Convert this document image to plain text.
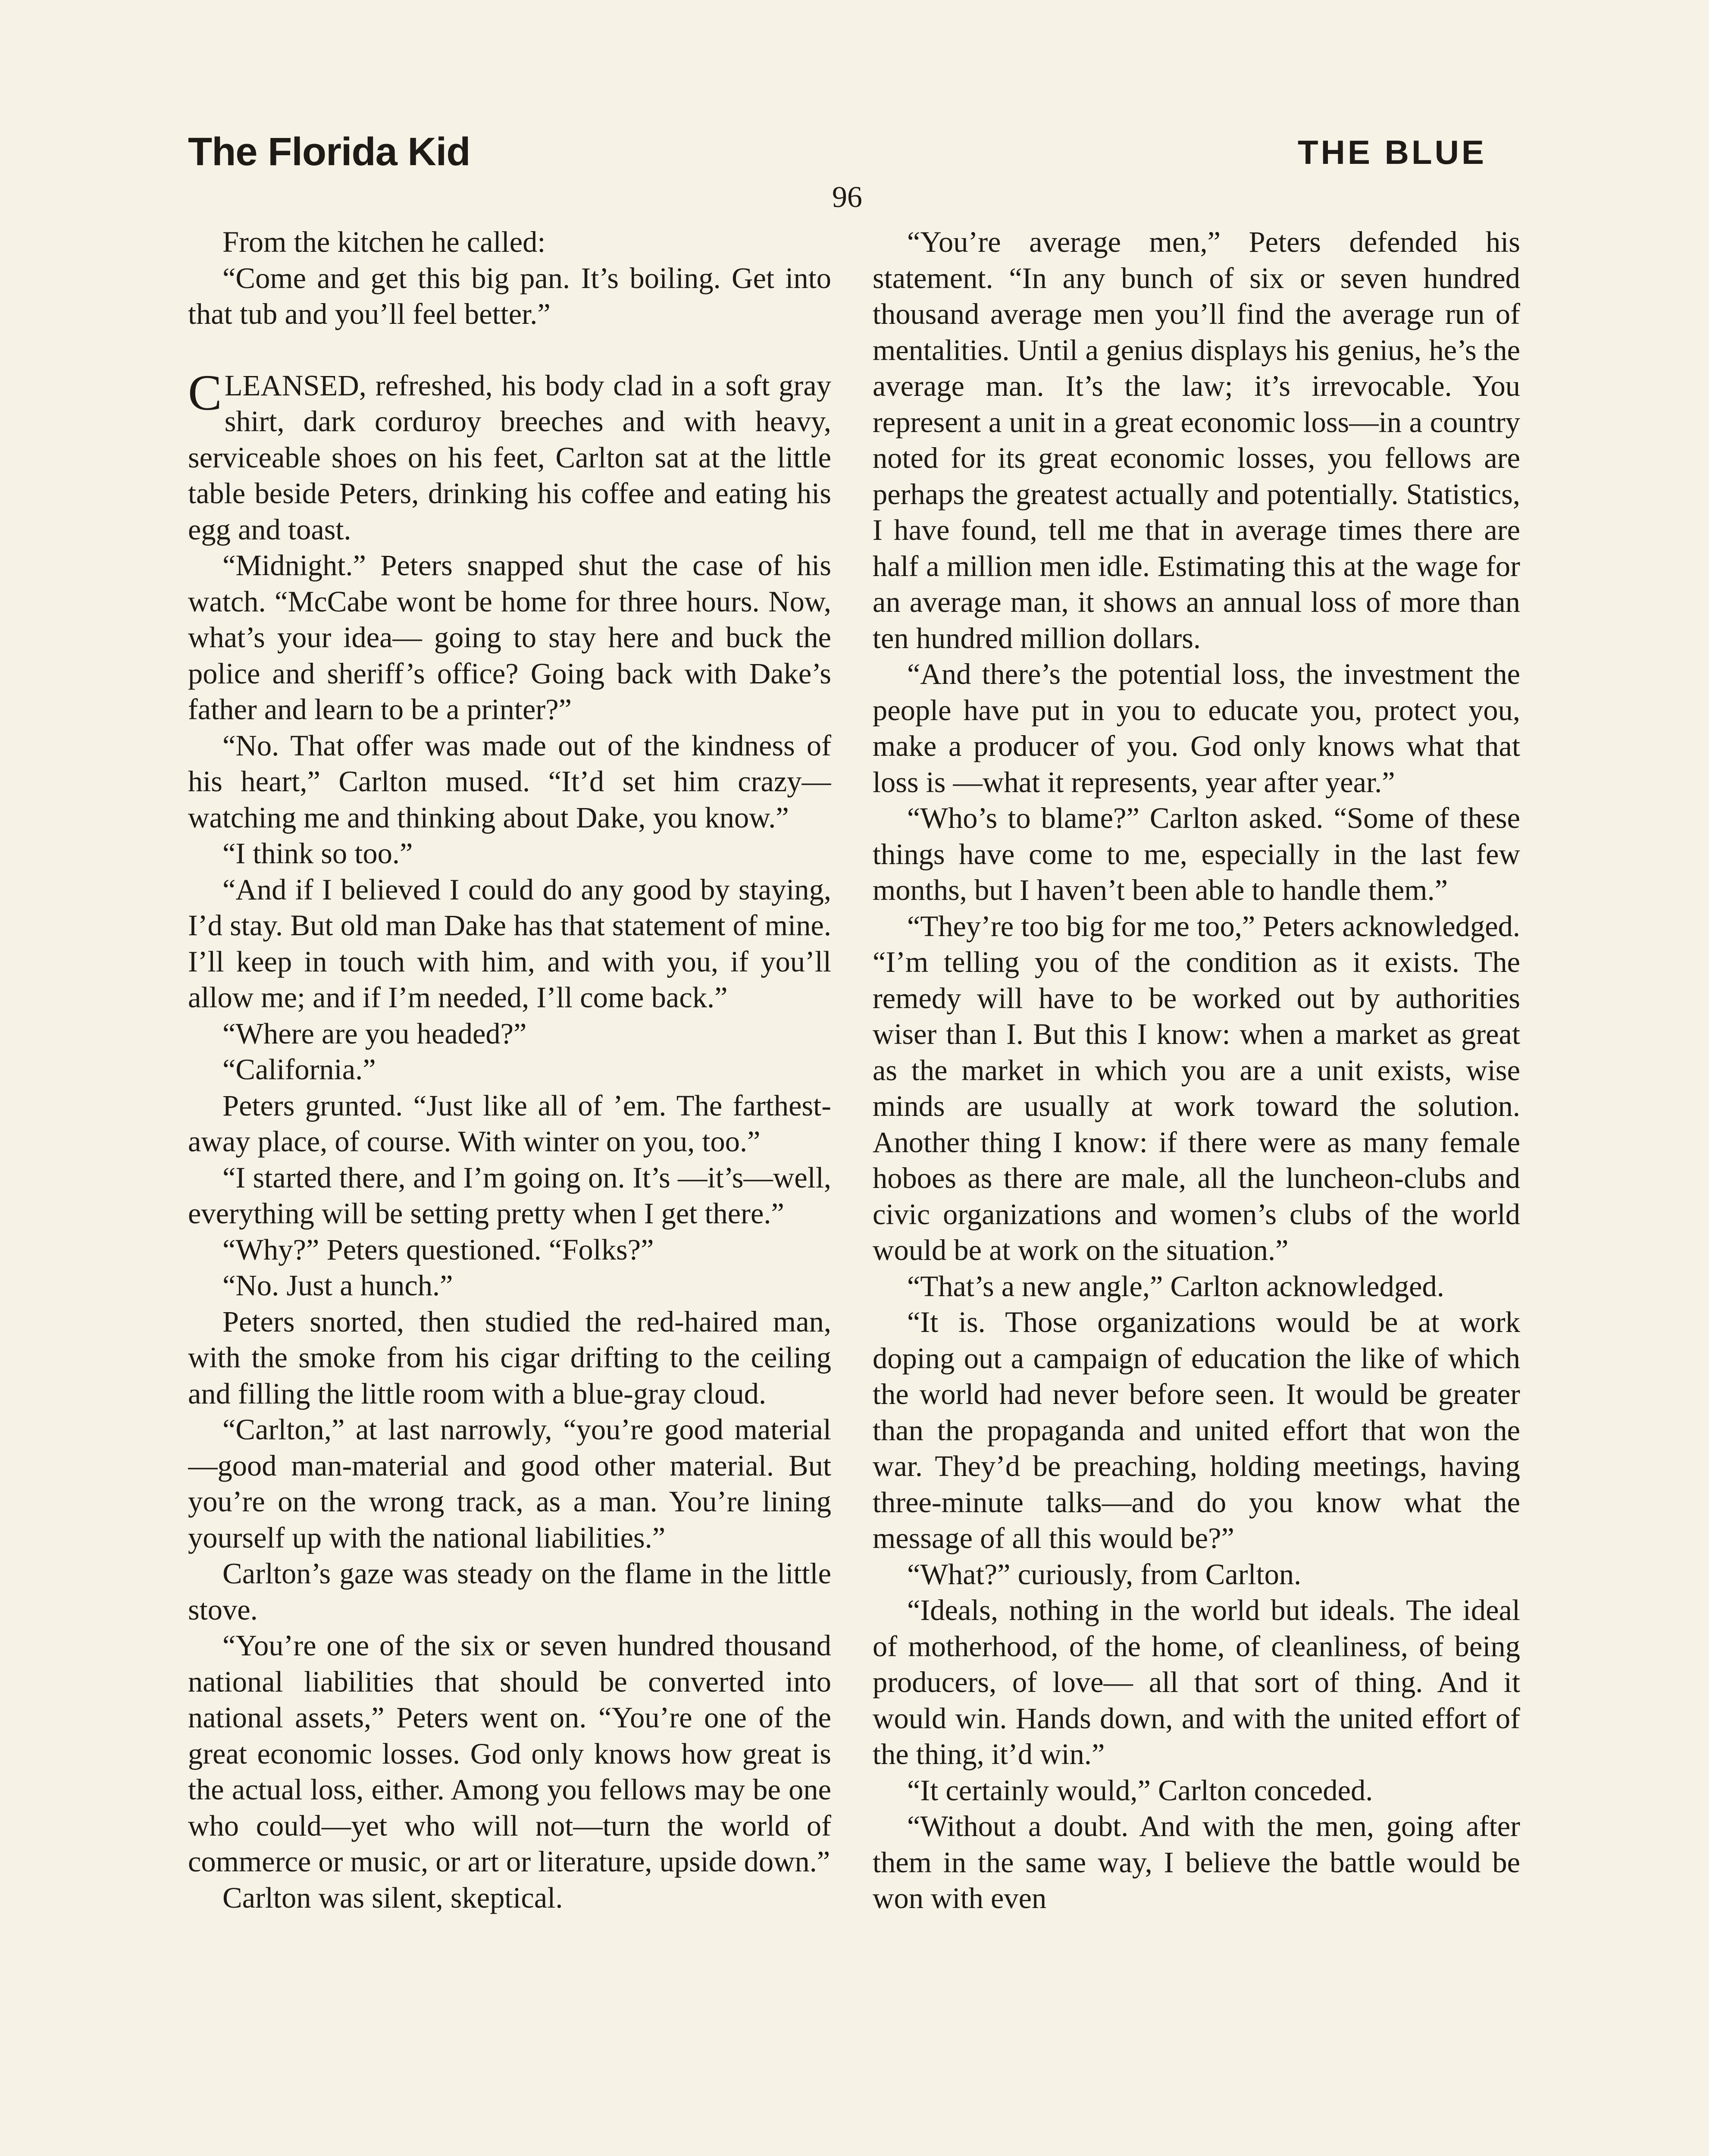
The Florida Kid	THE BLUE
96

From the kitchen he called:

“Come and get this big pan. It’s boiling. Get into that tub and you’ll feel better.”

CLEANSED, refreshed, his body clad in a soft gray shirt, dark corduroy breeches and with heavy, serviceable shoes on his feet, Carlton sat at the little table beside Peters, drinking his coffee and eating his egg and toast.

“Midnight.” Peters snapped shut the case of his watch. “McCabe wont be home for three hours. Now, what’s your idea— going to stay here and buck the police and sheriff’s office? Going back with Dake’s father and learn to be a printer?”

“No. That offer was made out of the kindness of his heart,” Carlton mused. “It’d set him crazy—watching me and thinking about Dake, you know.”

“I think so too.”

“And if I believed I could do any good by staying, I’d stay. But old man Dake has that statement of mine. I’ll keep in touch with him, and with you, if you’ll allow me; and if I’m needed, I’ll come back.”

“Where are you headed?”

“California.”

Peters grunted. “Just like all of ’em. The farthest-away place, of course. With winter on you, too.”

“I started there, and I’m going on. It’s —it’s—well, everything will be setting pretty when I get there.”

“Why?” Peters questioned. “Folks?”

“No. Just a hunch.”

Peters snorted, then studied the red-haired man, with the smoke from his cigar drifting to the ceiling and filling the little room with a blue-gray cloud.

“Carlton,” at last narrowly, “you’re good material—good man-material and good other material. But you’re on the wrong track, as a man. You’re lining yourself up with the national liabilities.”

Carlton’s gaze was steady on the flame in the little stove.

“You’re one of the six or seven hundred thousand national liabilities that should be converted into national assets,” Peters went on. “You’re one of the great economic losses. God only knows how great is the actual loss, either. Among you fellows may be one who could—yet who will not—turn the world of commerce or music, or art or literature, upside down.”

Carlton was silent, skeptical.

“You’re average men,” Peters defended his statement. “In any bunch of six or seven hundred thousand average men you’ll find the average run of mentalities. Until a genius displays his genius, he’s the average man. It’s the law; it’s irrevocable. You represent a unit in a great economic loss—in a country noted for its great economic losses, you fellows are perhaps the greatest actually and potentially. Statistics, I have found, tell me that in average times there are half a million men idle. Estimating this at the wage for an average man, it shows an annual loss of more than ten hundred million dollars.

“And there’s the potential loss, the investment the people have put in you to educate you, protect you, make a producer of you. God only knows what that loss is —what it represents, year after year.”

“Who’s to blame?” Carlton asked. “Some of these things have come to me, especially in the last few months, but I haven’t been able to handle them.”

“They’re too big for me too,” Peters acknowledged. “I’m telling you of the condition as it exists. The remedy will have to be worked out by authorities wiser than I. But this I know: when a market as great as the market in which you are a unit exists, wise minds are usually at work toward the solution. Another thing I know: if there were as many female hoboes as there are male, all the luncheon-clubs and civic organizations and women’s clubs of the world would be at work on the situation.”

“That’s a new angle,” Carlton acknowledged.

“It is. Those organizations would be at work doping out a campaign of education the like of which the world had never before seen. It would be greater than the propaganda and united effort that won the war. They’d be preaching, holding meetings, having three-minute talks—and do you know what the message of all this would be?”

“What?” curiously, from Carlton.

“Ideals, nothing in the world but ideals. The ideal of motherhood, of the home, of cleanliness, of being producers, of love— all that sort of thing. And it would win. Hands down, and with the united effort of the thing, it’d win.”

“It certainly would,” Carlton conceded.

“Without a doubt. And with the men, going after them in the same way, I believe the battle would be won with even
